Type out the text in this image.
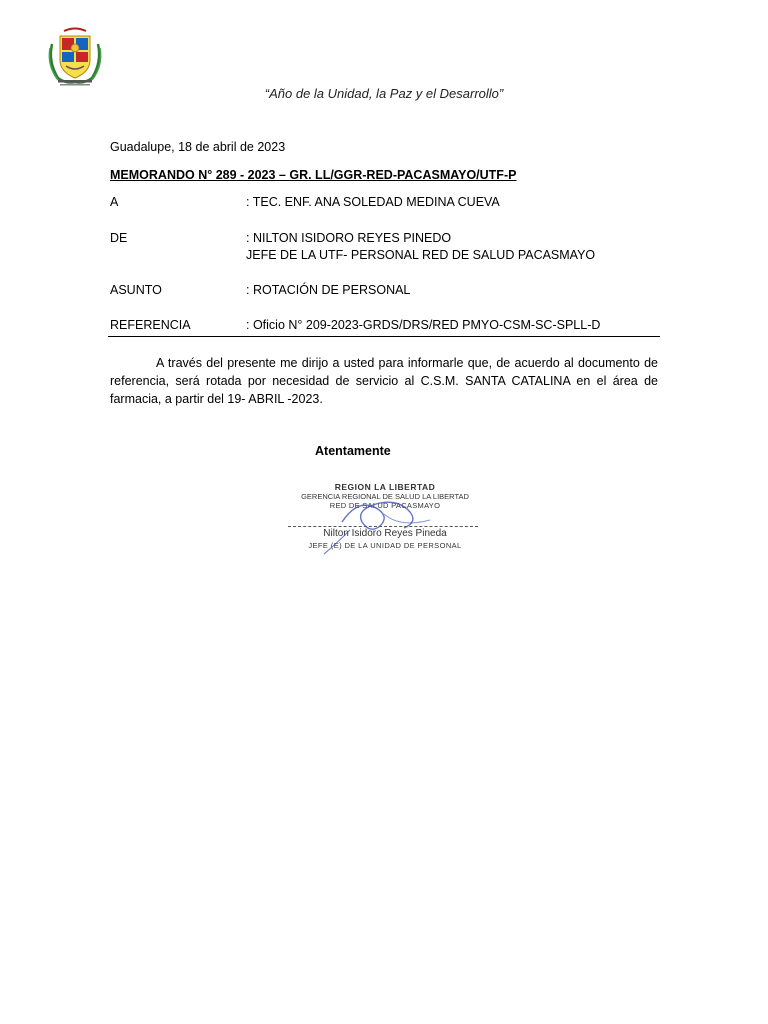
“Año de la Unidad, la Paz y el Desarrollo”
Guadalupe, 18 de abril de 2023
MEMORANDO N° 289 - 2023 – GR. LL/GGR-RED-PACASMAYO/UTF-P
A	: TEC. ENF. ANA SOLEDAD MEDINA CUEVA
DE	: NILTON ISIDORO REYES PINEDO
JEFE DE LA UTF- PERSONAL RED DE SALUD PACASMAYO
ASUNTO	: ROTACIÓN DE PERSONAL
REFERENCIA	: Oficio N° 209-2023-GRDS/DRS/RED PMYO-CSM-SC-SPLL-D
A través del presente me dirijo a usted para informarle que, de acuerdo al documento de referencia, será rotada por necesidad de servicio al C.S.M. SANTA CATALINA en el área de farmacia, a partir del 19- ABRIL -2023.
Atentamente
REGION LA LIBERTAD
GERENCIA REGIONAL DE SALUD LA LIBERTAD
RED DE SALUD PACASMAYO
Nilton Isidoro Reyes Pineda
JEFE (E) DE LA UNIDAD DE PERSONAL
